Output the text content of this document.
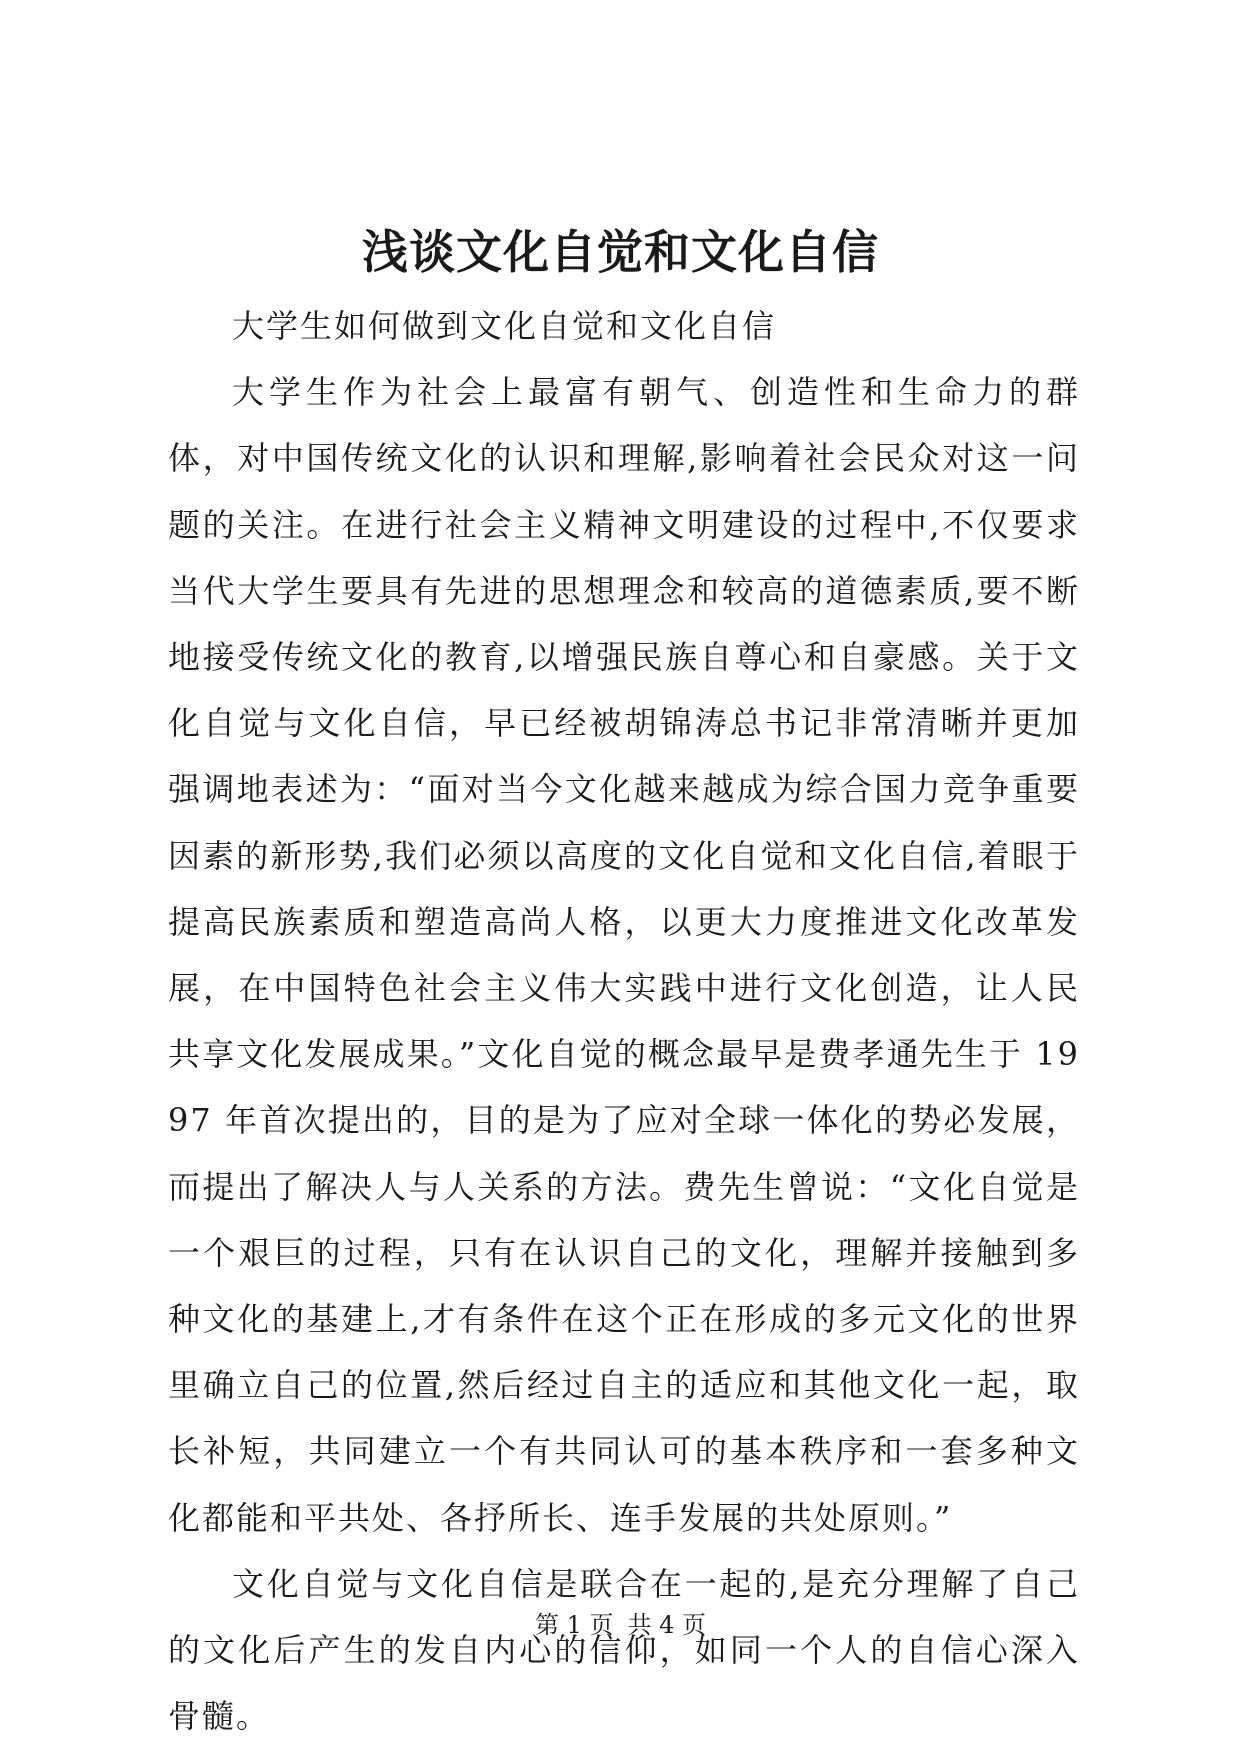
浅谈文化自觉和文化自信

大学生如何做到文化自觉和文化自信

大学生作为社会上最富有朝气、创造性和生命力的群体，对中国传统文化的认识和理解,影响着社会民众对这一问题的关注。在进行社会主义精神文明建设的过程中,不仅要求当代大学生要具有先进的思想理念和较高的道德素质,要不断地接受传统文化的教育,以增强民族自尊心和自豪感。关于文化自觉与文化自信，早已经被胡锦涛总书记非常清晰并更加强调地表述为：“面对当今文化越来越成为综合国力竞争重要因素的新形势,我们必须以高度的文化自觉和文化自信,着眼于提高民族素质和塑造高尚人格，以更大力度推进文化改革发展，在中国特色社会主义伟大实践中进行文化创造，让人民共享文化发展成果。”文化自觉的概念最早是费孝通先生于 1997 年首次提出的，目的是为了应对全球一体化的势必发展，而提出了解决人与人关系的方法。费先生曾说：“文化自觉是一个艰巨的过程，只有在认识自己的文化，理解并接触到多种文化的基建上,才有条件在这个正在形成的多元文化的世界里确立自己的位置,然后经过自主的适应和其他文化一起，取长补短，共同建立一个有共同认可的基本秩序和一套多种文化都能和平共处、各抒所长、连手发展的共处原则。”

文化自觉与文化自信是联合在一起的,是充分理解了自己的文化后产生的发自内心的信仰，如同一个人的自信心深入骨髓。

第 1 页 共 4 页
